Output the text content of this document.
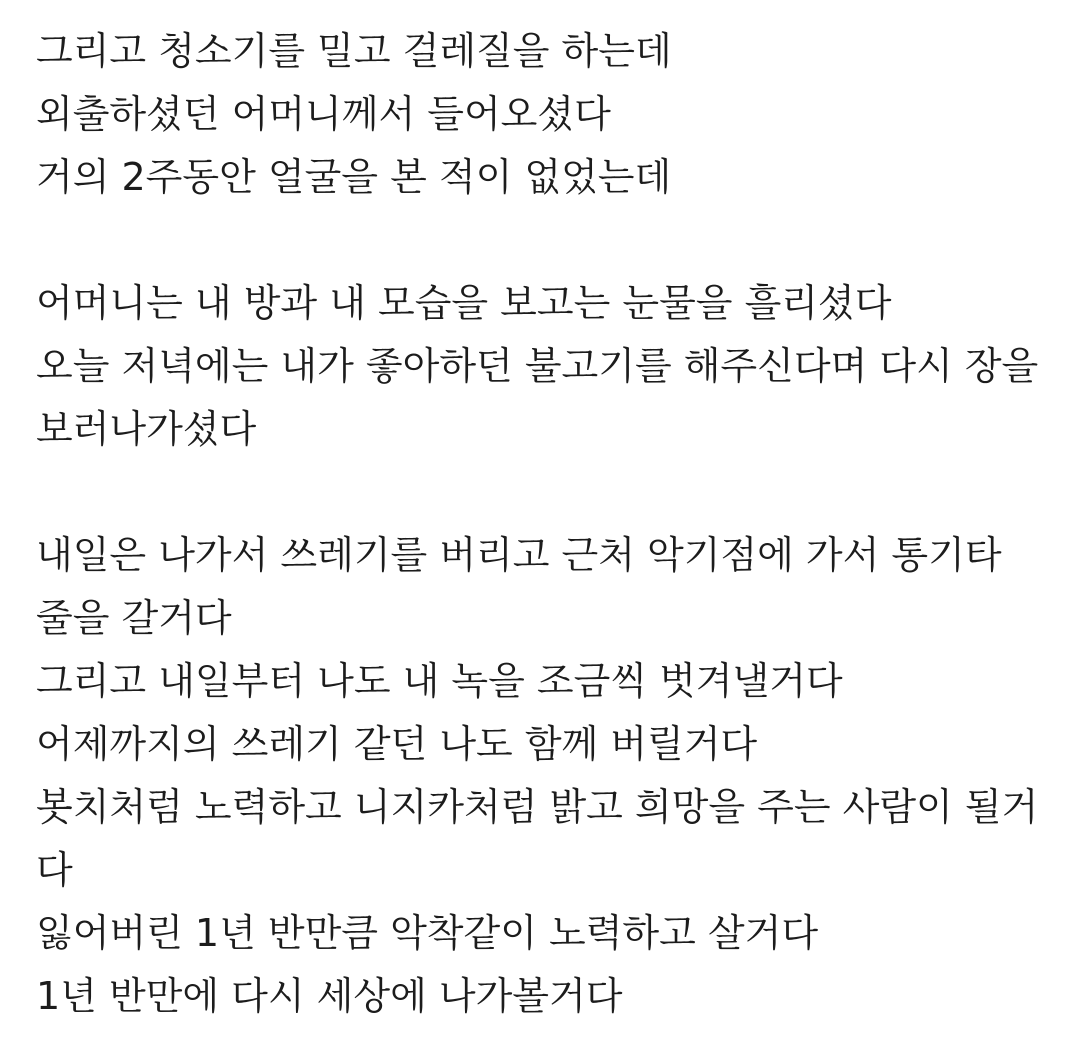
그리고 청소기를 밀고 걸레질을 하는데
외출하셨던 어머니께서 들어오셨다
거의 2주동안 얼굴을 본 적이 없었는데
어머니는 내 방과 내 모습을 보고는 눈물을 흘리셨다
오늘 저녁에는 내가 좋아하던 불고기를 해주신다며 다시 장을
보러나가셨다
내일은 나가서 쓰레기를 버리고 근처 악기점에 가서 통기타
줄을 갈거다
그리고 내일부터 나도 내 녹을 조금씩 벗겨낼거다
어제까지의 쓰레기 같던 나도 함께 버릴거다
봇치처럼 노력하고 니지카처럼 밝고 희망을 주는 사람이 될거
다
잃어버린 1년 반만큼 악착같이 노력하고 살거다
1년 반만에 다시 세상에 나가볼거다
